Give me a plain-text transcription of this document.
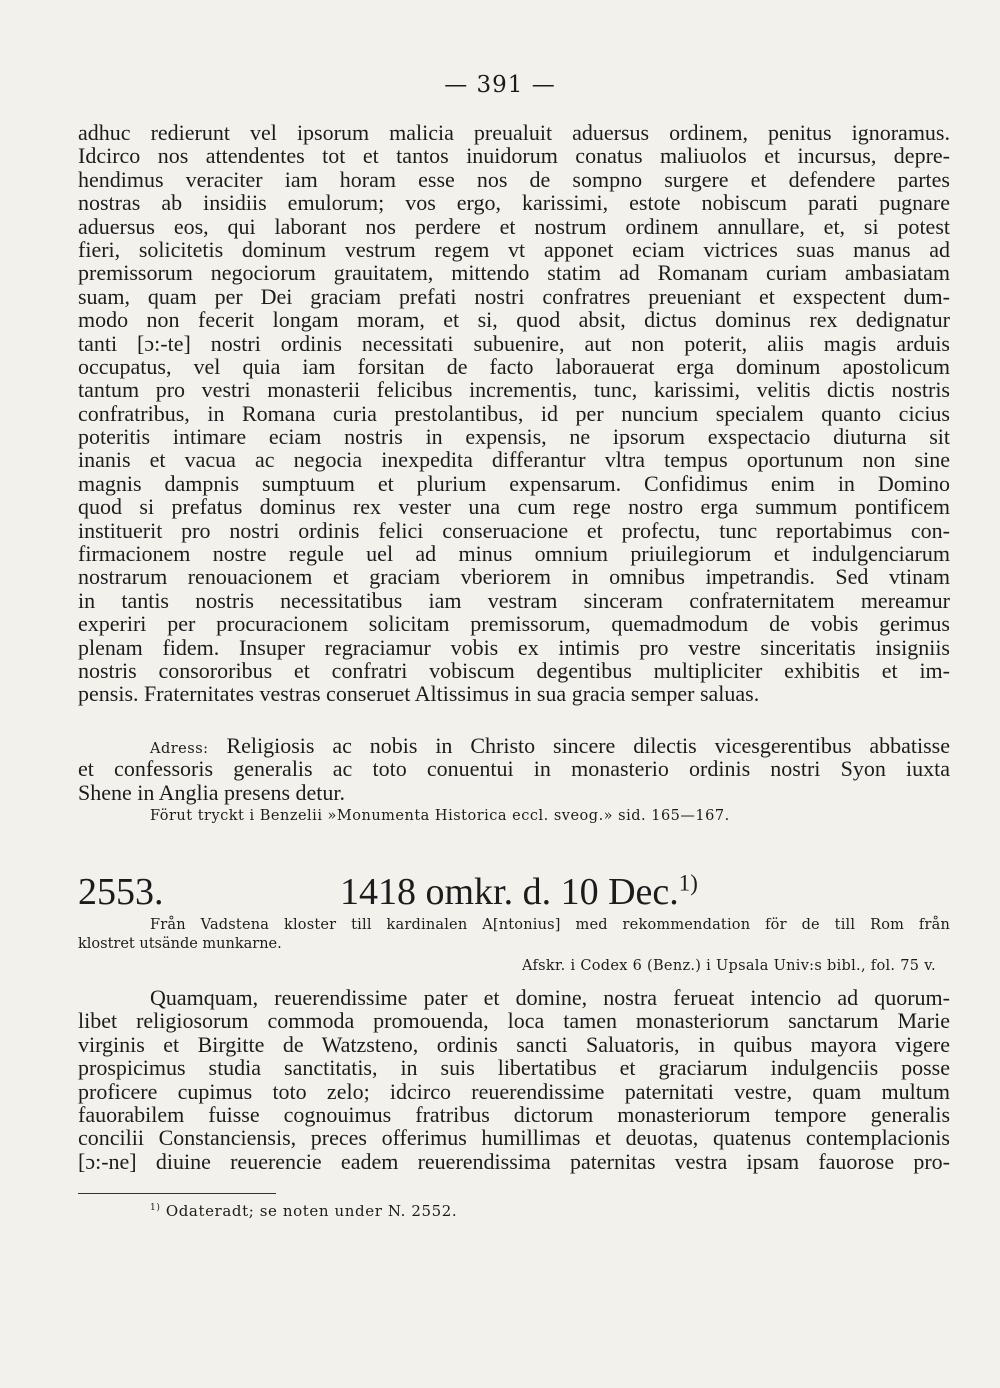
— 391 —
adhuc redierunt vel ipsorum malicia preualuit aduersus ordinem, penitus ignoramus.
Idcirco nos attendentes tot et tantos inuidorum conatus maliuolos et incursus, depre-
hendimus veraciter iam horam esse nos de sompno surgere et defendere partes
nostras ab insidiis emulorum; vos ergo, karissimi, estote nobiscum parati pugnare
aduersus eos, qui laborant nos perdere et nostrum ordinem annullare, et, si potest
fieri, solicitetis dominum vestrum regem vt apponet eciam victrices suas manus ad
premissorum negociorum grauitatem, mittendo statim ad Romanam curiam ambasiatam
suam, quam per Dei graciam prefati nostri confratres preueniant et exspectent dum-
modo non fecerit longam moram, et si, quod absit, dictus dominus rex dedignatur
tanti [ɔ:-te] nostri ordinis necessitati subuenire, aut non poterit, aliis magis arduis
occupatus, vel quia iam forsitan de facto laborauerat erga dominum apostolicum
tantum pro vestri monasterii felicibus incrementis, tunc, karissimi, velitis dictis nostris
confratribus, in Romana curia prestolantibus, id per nuncium specialem quanto cicius
poteritis intimare eciam nostris in expensis, ne ipsorum exspectacio diuturna sit
inanis et vacua ac negocia inexpedita differantur vltra tempus oportunum non sine
magnis dampnis sumptuum et plurium expensarum. Confidimus enim in Domino
quod si prefatus dominus rex vester una cum rege nostro erga summum pontificem
instituerit pro nostri ordinis felici conseruacione et profectu, tunc reportabimus con-
firmacionem nostre regule uel ad minus omnium priuilegiorum et indulgenciarum
nostrarum renouacionem et graciam vberiorem in omnibus impetrandis. Sed vtinam
in tantis nostris necessitatibus iam vestram sinceram confraternitatem mereamur
experiri per procuracionem solicitam premissorum, quemadmodum de vobis gerimus
plenam fidem. Insuper regraciamur vobis ex intimis pro vestre sinceritatis insigniis
nostris consororibus et confratri vobiscum degentibus multipliciter exhibitis et im-
pensis. Fraternitates vestras conseruet Altissimus in sua gracia semper saluas.
Adress: Religiosis ac nobis in Christo sincere dilectis vicesgerentibus abbatisse
et confessoris generalis ac toto conuentui in monasterio ordinis nostri Syon iuxta
Shene in Anglia presens detur.
Förut tryckt i Benzelii »Monumenta Historica eccl. sveog.» sid. 165—167.
2553.	1418 omkr. d. 10 Dec.$^{1)}$
Från Vadstena kloster till kardinalen A[ntonius] med rekommendation för de till Rom från
klostret utsände munkarne.
Afskr. i Codex 6 (Benz.) i Upsala Univ:s bibl., fol. 75 v.
Quamquam, reuerendissime pater et domine, nostra ferueat intencio ad quorum-
libet religiosorum commoda promouenda, loca tamen monasteriorum sanctarum Marie
virginis et Birgitte de Watzsteno, ordinis sancti Saluatoris, in quibus mayora vigere
prospicimus studia sanctitatis, in suis libertatibus et graciarum indulgenciis posse
proficere cupimus toto zelo; idcirco reuerendissime paternitati vestre, quam multum
fauorabilem fuisse cognouimus fratribus dictorum monasteriorum tempore generalis
concilii Constanciensis, preces offerimus humillimas et deuotas, quatenus contemplacionis
[ɔ:-ne] diuine reuerencie eadem reuerendissima paternitas vestra ipsam fauorose pro-
$^{1)}$ Odateradt; se noten under N. 2552.
